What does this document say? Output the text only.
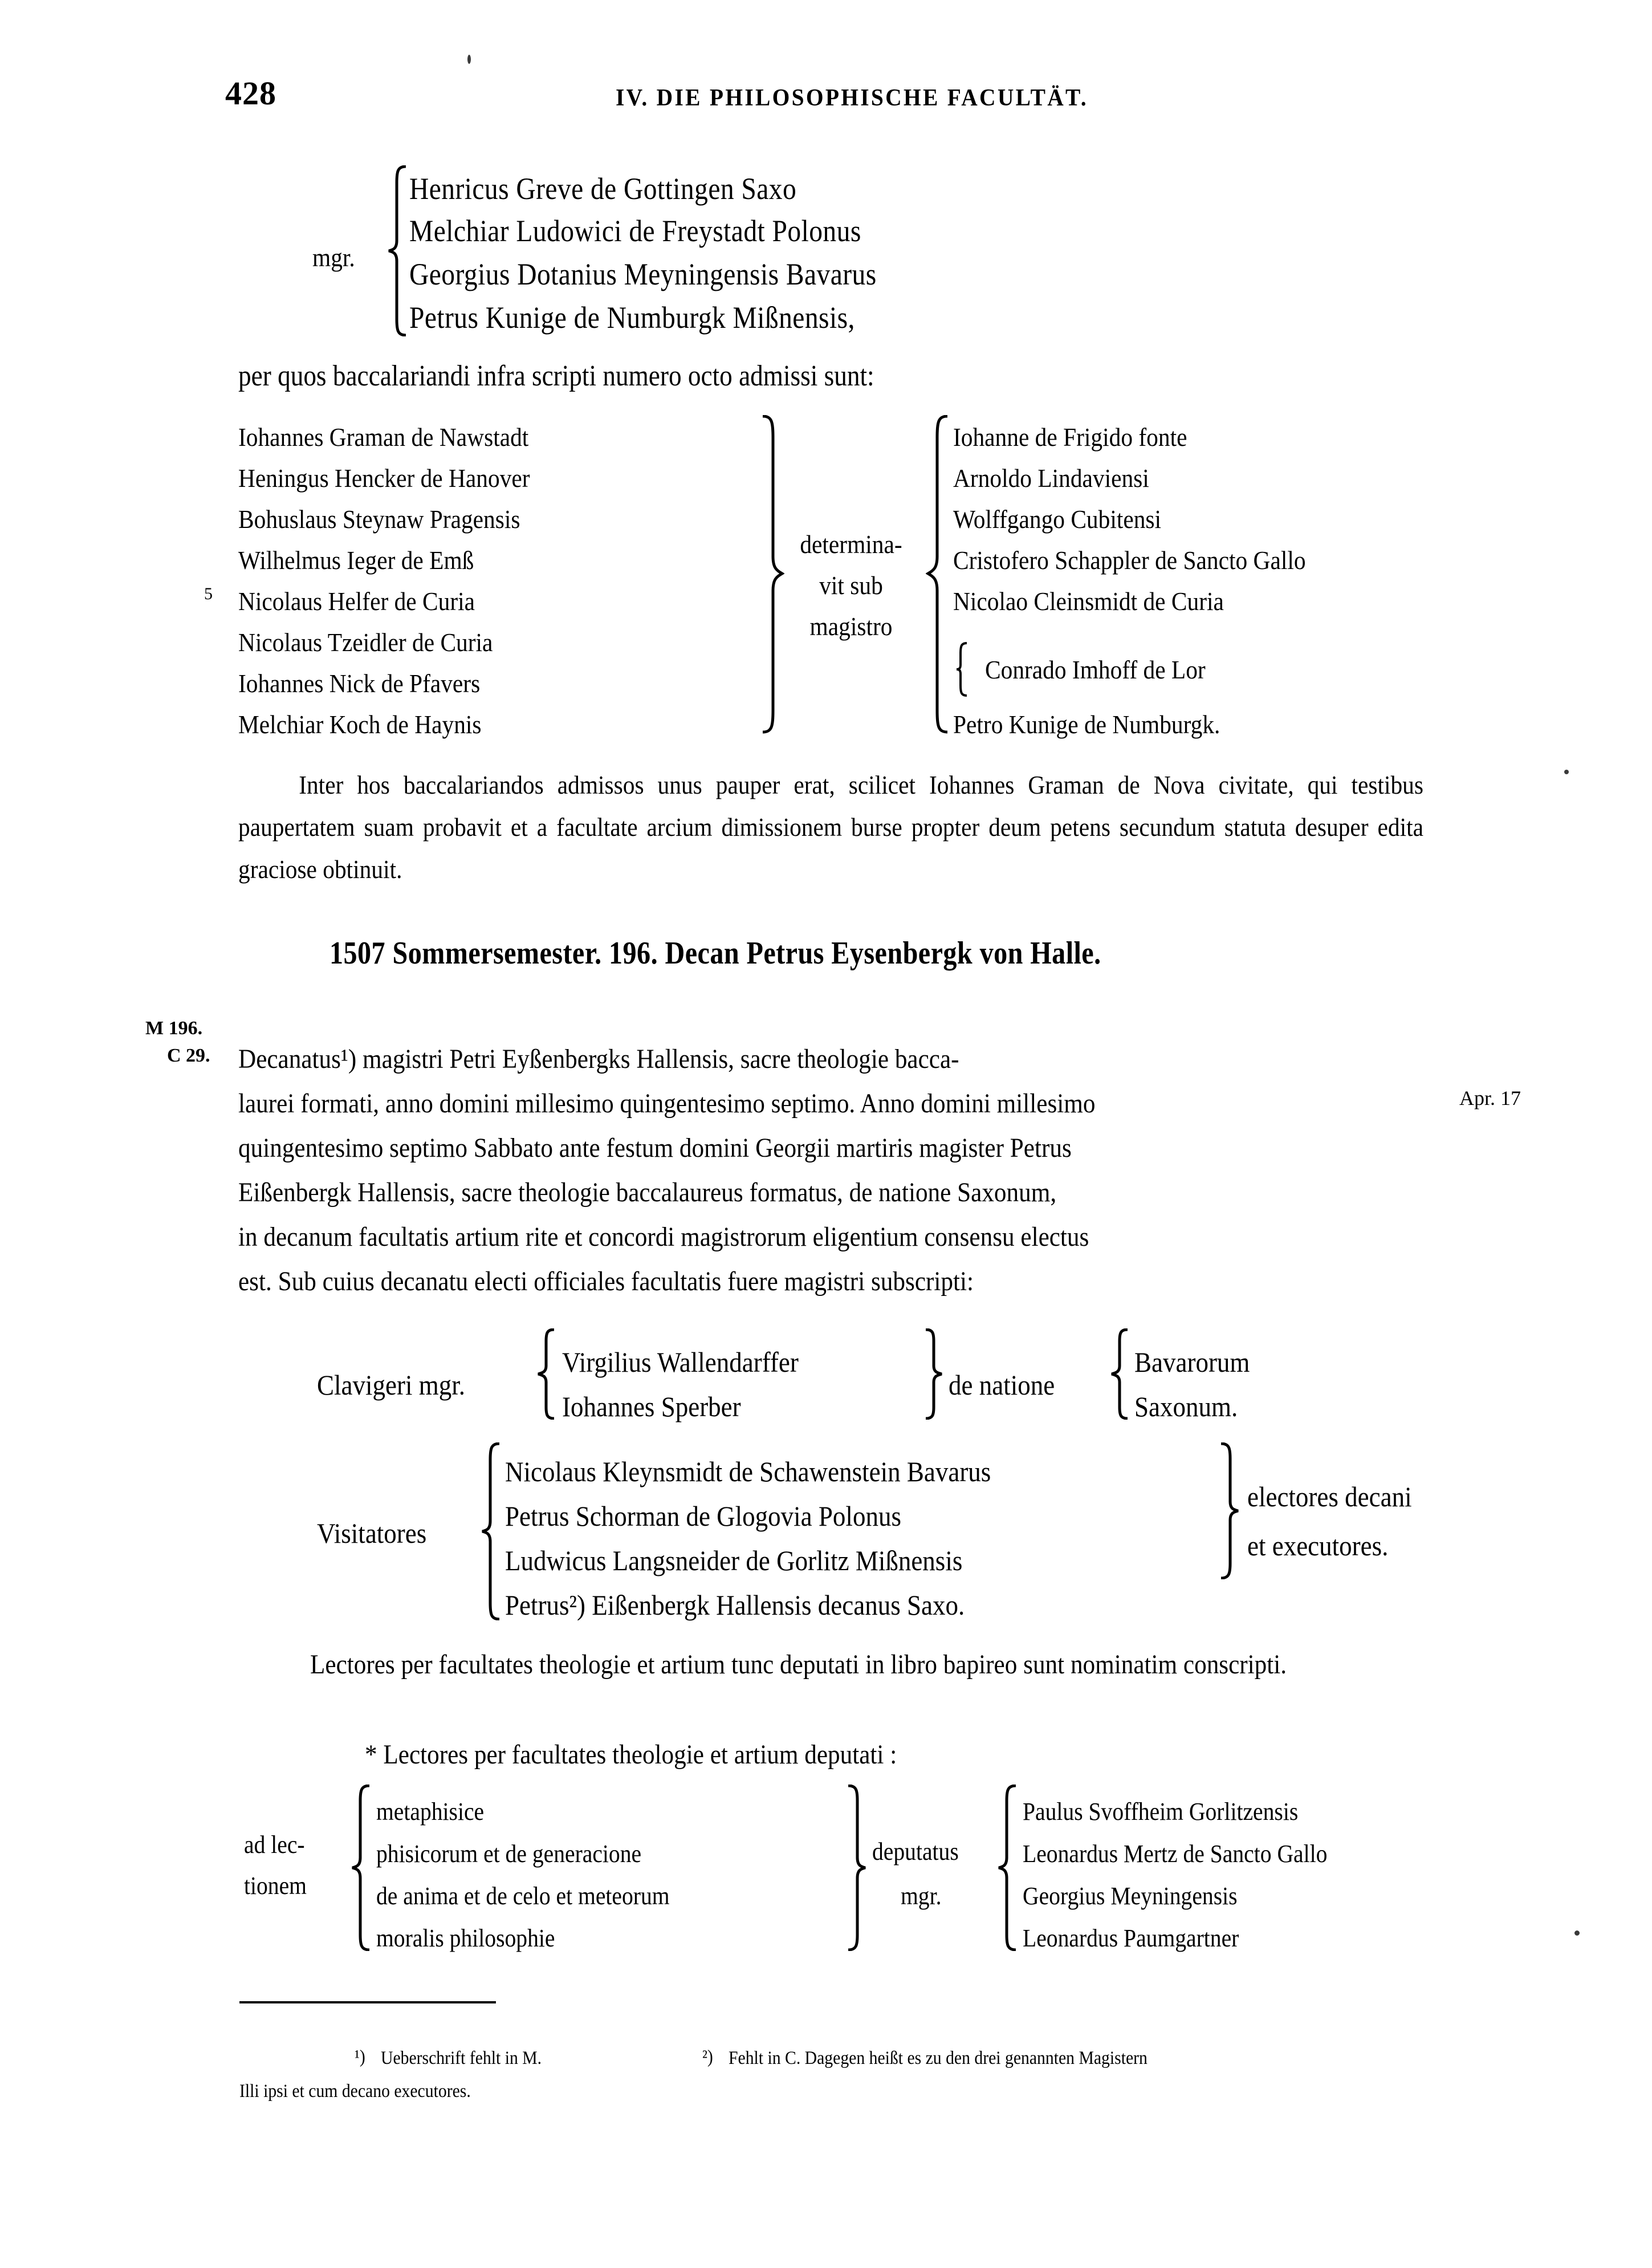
428	IV. DIE PHILOSOPHISCHE FACULTÄT.
mgr.
Henricus Greve de Gottingen Saxo
Melchiar Ludowici de Freystadt Polonus
Georgius Dotanius Meyningensis Bavarus
Petrus Kunige de Numburgk Mißnensis,
per quos baccalariandi infra scripti numero octo admissi sunt:
5
Iohannes Graman de Nawstadt
Heningus Hencker de Hanover
Bohuslaus Steynaw Pragensis
Wilhelmus Ieger de Emß
Nicolaus Helfer de Curia
Nicolaus Tzeidler de Curia
Iohannes Nick de Pfavers
Melchiar Koch de Haynis
determina-
vit sub
magistro
Iohanne de Frigido fonte
Arnoldo Lindaviensi
Wolffgango Cubitensi
Cristofero Schappler de Sancto Gallo
Nicolao Cleinsmidt de Curia
Conrado Imhoff de Lor
Petro Kunige de Numburgk.
Inter hos baccalariandos admissos unus pauper erat, scilicet Iohannes Graman de Nova civitate, qui testibus paupertatem suam probavit et a facultate arcium dimissionem burse propter deum petens secundum statuta desuper edita graciose obtinuit.
1507 Sommersemester. 196. Decan Petrus Eysenbergk von Halle.
M 196.
C 29.
Apr. 17
Decanatus¹) magistri Petri Eyßenbergks Hallensis, sacre theologie bacca-
laurei formati, anno domini millesimo quingentesimo septimo. Anno domini millesimo
quingentesimo septimo Sabbato ante festum domini Georgii martiris magister Petrus
Eißenbergk Hallensis, sacre theologie baccalaureus formatus, de natione Saxonum,
in decanum facultatis artium rite et concordi magistrorum eligentium consensu electus
est. Sub cuius decanatu electi officiales facultatis fuere magistri subscripti:
Clavigeri mgr.
Virgilius Wallendarffer
Iohannes Sperber
de natione
Bavarorum
Saxonum.
Visitatores
Nicolaus Kleynsmidt de Schawenstein Bavarus
Petrus Schorman de Glogovia Polonus
Ludwicus Langsneider de Gorlitz Mißnensis
Petrus²) Eißenbergk Hallensis decanus Saxo.
electores decani
et executores.
Lectores per facultates theologie et artium tunc deputati in libro bapireo sunt nominatim conscripti.
* Lectores per facultates theologie et artium deputati :
ad lec-
tionem
metaphisice
phisicorum et de generacione
de anima et de celo et meteorum
moralis philosophie
deputatus
mgr.
Paulus Svoffheim Gorlitzensis
Leonardus Mertz de Sancto Gallo
Georgius Meyningensis
Leonardus Paumgartner
¹) Ueberschrift fehlt in M.	²) Fehlt in C. Dagegen heißt es zu den drei genannten Magistern
Illi ipsi et cum decano executores.
